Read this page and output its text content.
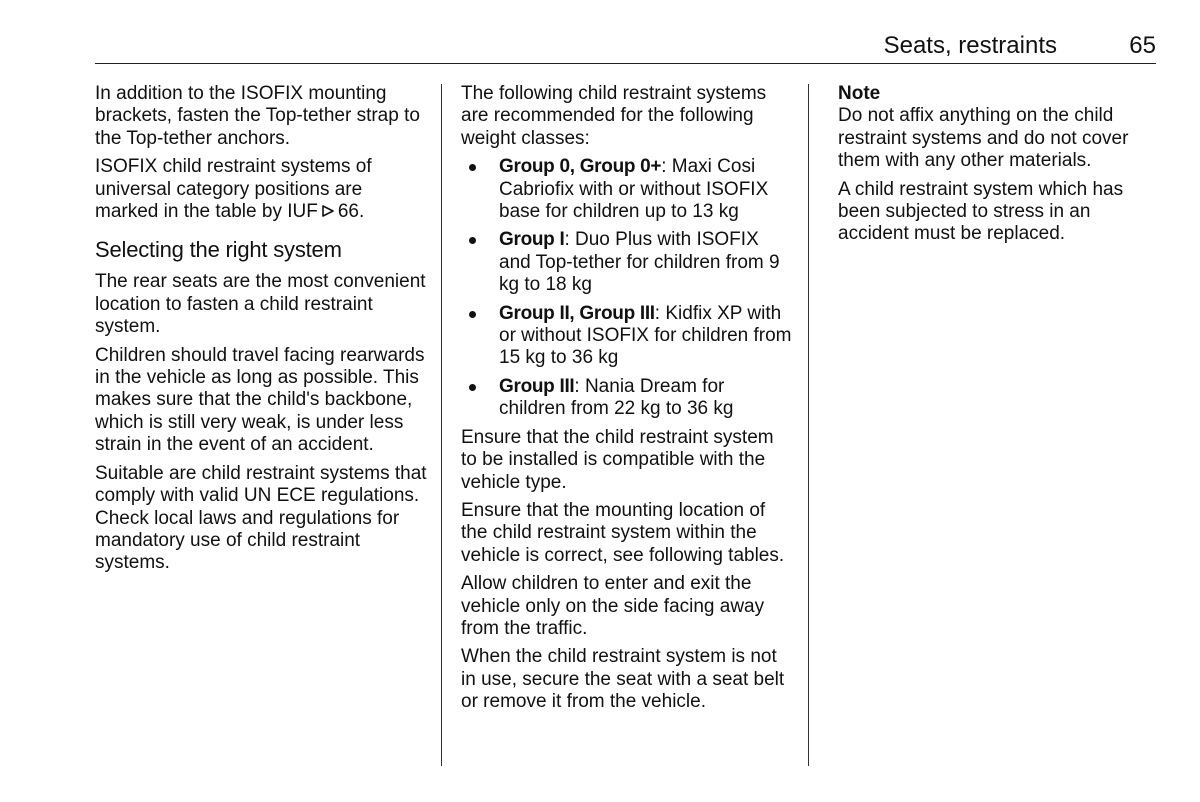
Seats, restraints	65

In addition to the ISOFIX mounting brackets, fasten the Top-tether strap to the Top-tether anchors.

ISOFIX child restraint systems of universal category positions are marked in the table by IUF 66.

Selecting the right system

The rear seats are the most convenient location to fasten a child restraint system.

Children should travel facing rearwards in the vehicle as long as possible. This makes sure that the child's backbone, which is still very weak, is under less strain in the event of an accident.

Suitable are child restraint systems that comply with valid UN ECE regulations. Check local laws and regulations for mandatory use of child restraint systems.

The following child restraint systems are recommended for the following weight classes:

Group 0, Group 0+: Maxi Cosi Cabriofix with or without ISOFIX base for children up to 13 kg
Group I: Duo Plus with ISOFIX and Top-tether for children from 9 kg to 18 kg
Group II, Group III: Kidfix XP with or without ISOFIX for children from 15 kg to 36 kg
Group III: Nania Dream for children from 22 kg to 36 kg

Ensure that the child restraint system to be installed is compatible with the vehicle type.

Ensure that the mounting location of the child restraint system within the vehicle is correct, see following tables.

Allow children to enter and exit the vehicle only on the side facing away from the traffic.

When the child restraint system is not in use, secure the seat with a seat belt or remove it from the vehicle.

Note

Do not affix anything on the child restraint systems and do not cover them with any other materials.

A child restraint system which has been subjected to stress in an accident must be replaced.
